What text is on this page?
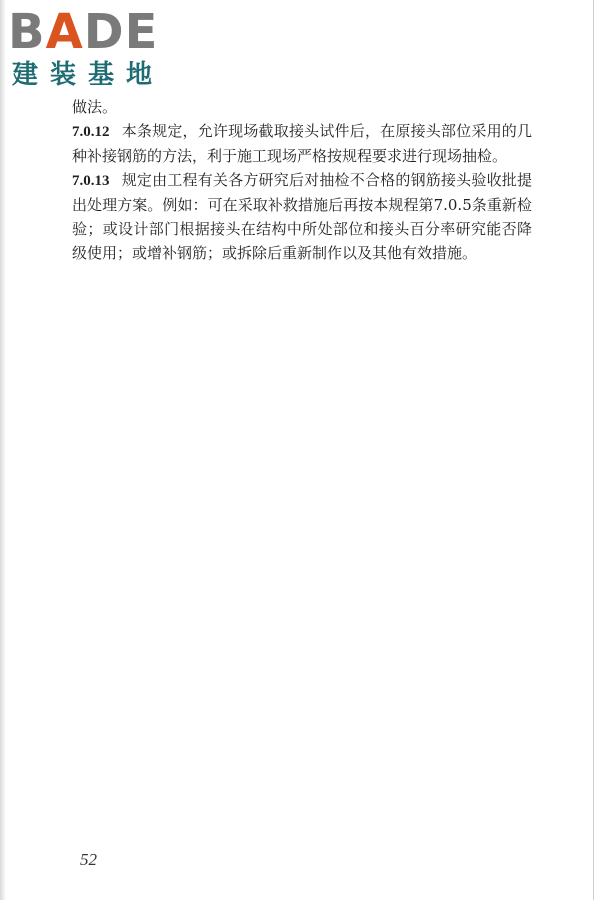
BADE
建装基地

做法。

7.0.12 本条规定，允许现场截取接头试件后，在原接头部位采用的几种补接钢筋的方法，利于施工现场严格按规程要求进行现场抽检。

7.0.13 规定由工程有关各方研究后对抽检不合格的钢筋接头验收批提出处理方案。例如：可在采取补救措施后再按本规程第7.0.5条重新检验；或设计部门根据接头在结构中所处部位和接头百分率研究能否降级使用；或增补钢筋；或拆除后重新制作以及其他有效措施。

52
